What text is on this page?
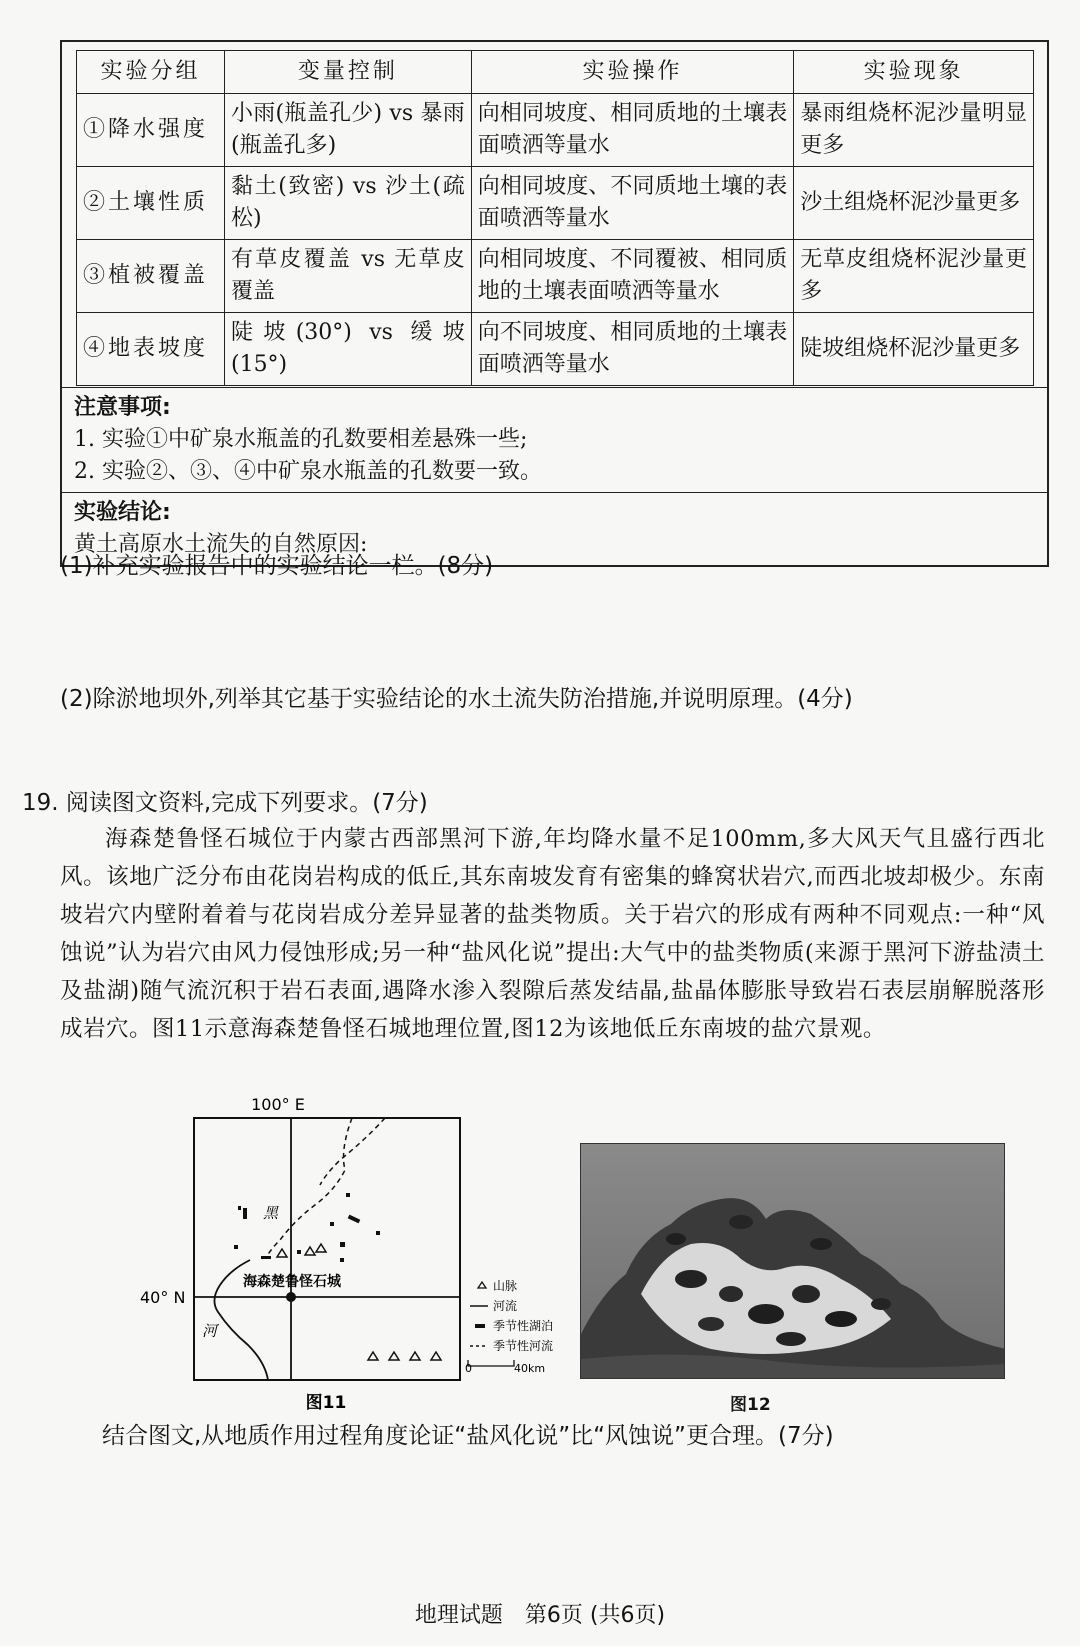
实验分组	变量控制	实验操作	实验现象
①降水强度	小雨(瓶盖孔少) vs 暴雨(瓶盖孔多)	向相同坡度、相同质地的土壤表面喷洒等量水	暴雨组烧杯泥沙量明显更多
②土壤性质	黏土(致密) vs 沙土(疏松)	向相同坡度、不同质地土壤的表面喷洒等量水	沙土组烧杯泥沙量更多
③植被覆盖	有草皮覆盖 vs 无草皮覆盖	向相同坡度、不同覆被、相同质地的土壤表面喷洒等量水	无草皮组烧杯泥沙量更多
④地表坡度	陡坡(30°) vs 缓坡(15°)	向不同坡度、相同质地的土壤表面喷洒等量水	陡坡组烧杯泥沙量更多
注意事项:
1. 实验①中矿泉水瓶盖的孔数要相差悬殊一些;
2. 实验②、③、④中矿泉水瓶盖的孔数要一致。
实验结论:
黄土高原水土流失的自然原因:
(1)补充实验报告中的实验结论一栏。(8分)
(2)除淤地坝外,列举其它基于实验结论的水土流失防治措施,并说明原理。(4分)
19. 阅读图文资料,完成下列要求。(7分)

海森楚鲁怪石城位于内蒙古西部黑河下游,年均降水量不足100mm,多大风天气且盛行西北风。该地广泛分布由花岗岩构成的低丘,其东南坡发育有密集的蜂窝状岩穴,而西北坡却极少。东南坡岩穴内壁附着着与花岗岩成分差异显著的盐类物质。关于岩穴的形成有两种不同观点:一种“风蚀说”认为岩穴由风力侵蚀形成;另一种“盐风化说”提出:大气中的盐类物质(来源于黑河下游盐渍土及盐湖)随气流沉积于岩石表面,遇降水渗入裂隙后蒸发结晶,盐晶体膨胀导致岩石表层崩解脱落形成岩穴。图11示意海森楚鲁怪石城地理位置,图12为该地低丘东南坡的盐穴景观。

100° E
40° N
海森楚鲁怪石城
黑
河
山脉
河流
季节性湖泊
季节性河流
0	40km
图11	图12
结合图文,从地质作用过程角度论证“盐风化说”比“风蚀说”更合理。(7分)
地理试题　第6页 (共6页)
